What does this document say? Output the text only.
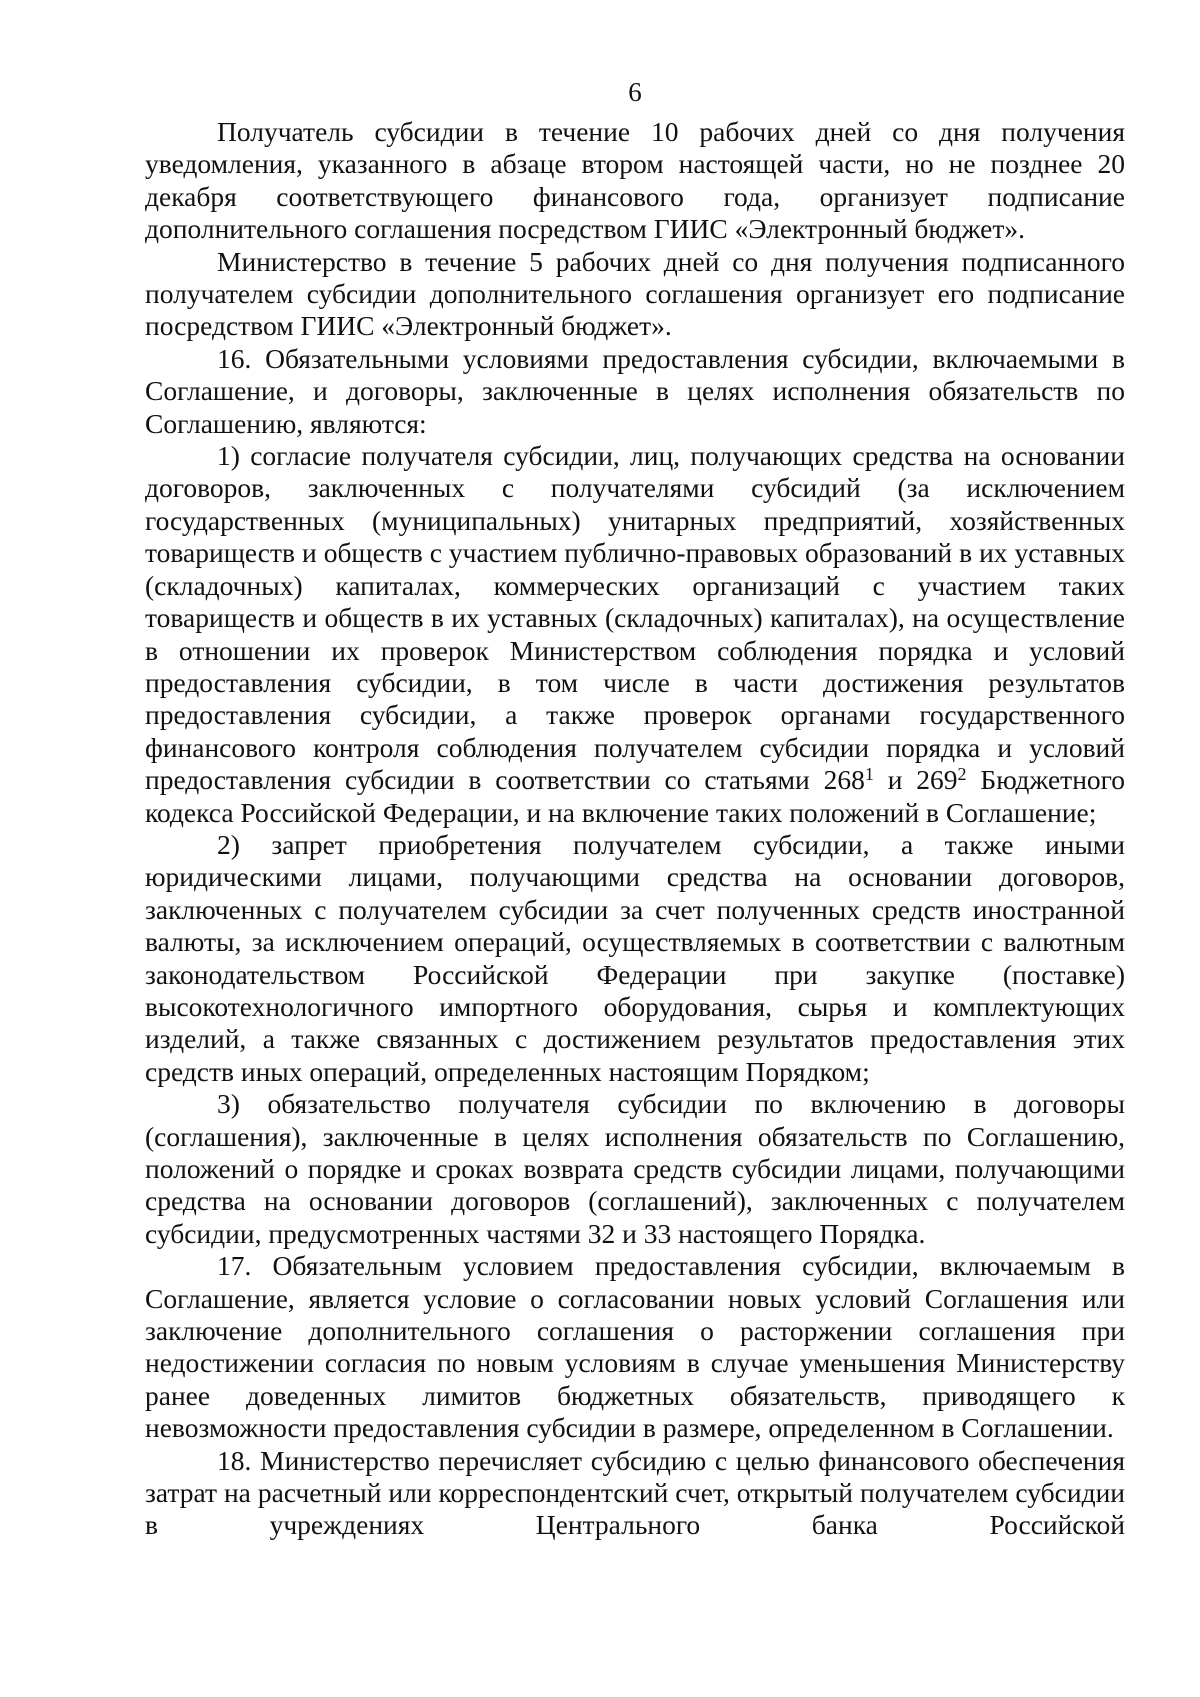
6

Получатель субсидии в течение 10 рабочих дней со дня получения уведомления, указанного в абзаце втором настоящей части, но не позднее 20 декабря соответствующего финансового года, организует подписание дополнительного соглашения посредством ГИИС «Электронный бюджет».

Министерство в течение 5 рабочих дней со дня получения подписанного получателем субсидии дополнительного соглашения организует его подписание посредством ГИИС «Электронный бюджет».

16. Обязательными условиями предоставления субсидии, включаемыми в Соглашение, и договоры, заключенные в целях исполнения обязательств по Соглашению, являются:

1) согласие получателя субсидии, лиц, получающих средства на основании договоров, заключенных с получателями субсидий (за исключением государственных (муниципальных) унитарных предприятий, хозяйственных товариществ и обществ с участием публично-правовых образований в их уставных (складочных) капиталах, коммерческих организаций с участием таких товариществ и обществ в их уставных (складочных) капиталах), на осуществление в отношении их проверок Министерством соблюдения порядка и условий предоставления субсидии, в том числе в части достижения результатов предоставления субсидии, а также проверок органами государственного финансового контроля соблюдения получателем субсидии порядка и условий предоставления субсидии в соответствии со статьями $268^1$ и $269^2$ Бюджетного кодекса Российской Федерации, и на включение таких положений в Соглашение;

2) запрет приобретения получателем субсидии, а также иными юридическими лицами, получающими средства на основании договоров, заключенных с получателем субсидии за счет полученных средств иностранной валюты, за исключением операций, осуществляемых в соответствии с валютным законодательством Российской Федерации при закупке (поставке) высокотехнологичного импортного оборудования, сырья и комплектующих изделий, а также связанных с достижением результатов предоставления этих средств иных операций, определенных настоящим Порядком;

3) обязательство получателя субсидии по включению в договоры (соглашения), заключенные в целях исполнения обязательств по Соглашению, положений о порядке и сроках возврата средств субсидии лицами, получающими средства на основании договоров (соглашений), заключенных с получателем субсидии, предусмотренных частями 32 и 33 настоящего Порядка.

17. Обязательным условием предоставления субсидии, включаемым в Соглашение, является условие о согласовании новых условий Соглашения или заключение дополнительного соглашения о расторжении соглашения при недостижении согласия по новым условиям в случае уменьшения Министерству ранее доведенных лимитов бюджетных обязательств, приводящего к невозможности предоставления субсидии в размере, определенном в Соглашении.

18. Министерство перечисляет субсидию с целью финансового обеспечения затрат на расчетный или корреспондентский счет, открытый получателем субсидии в учреждениях Центрального банка Российской
